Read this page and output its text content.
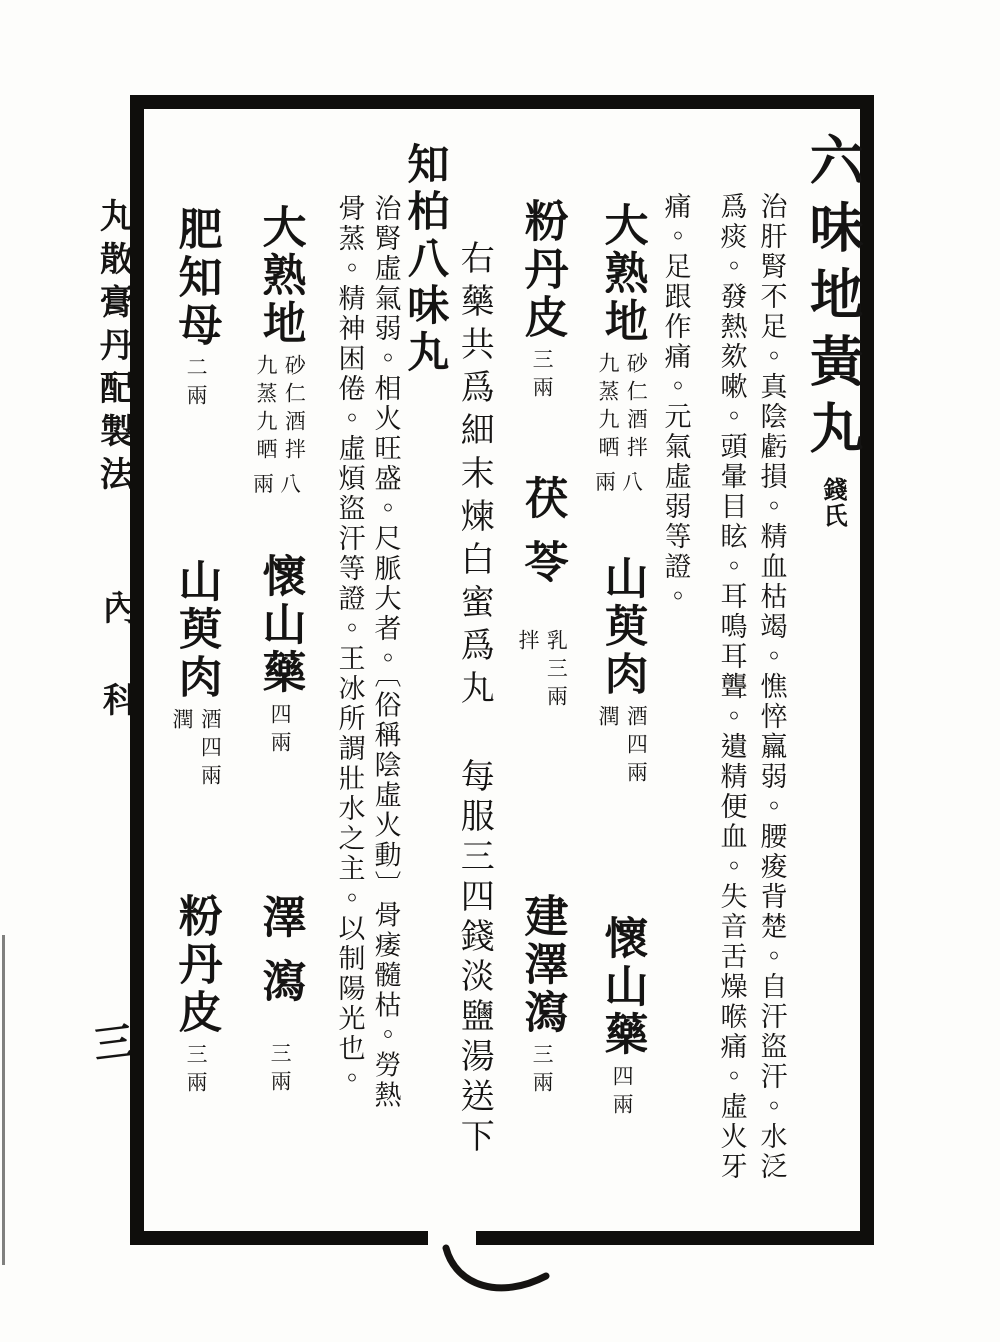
丸散膏丹配製法
內科
三
六味地黃丸錢氏
治肝腎不足。真陰虧損。精血枯竭。憔悴羸弱。腰痠背楚。自汗盜汗。水泛
爲痰。發熱欬嗽。頭暈目眩。耳鳴耳聾。遺精便血。失音舌燥喉痛。虛火牙
痛。足跟作痛。元氣虛弱等證。
大熟地
砂仁酒拌
九蒸九晒
八兩
山萸肉
酒四兩
潤
懷山藥
四兩
粉丹皮
三兩
茯苓
乳三兩
拌
建澤瀉
三兩
右藥共爲細末煉白蜜爲丸
每服三四錢淡鹽湯送下
知柏八味丸
治腎虛氣弱。相火旺盛。尺脈大者。〔俗稱陰虛火動〕骨痿髓枯。勞熱
骨蒸。精神困倦。虛煩盜汗等證。王冰所謂壯水之主。以制陽光也。
大熟地
砂仁酒拌
九蒸九晒
八兩
懷山藥
四兩
澤瀉
三兩
肥知母
二兩
山萸肉
酒四兩
潤
粉丹皮
三兩
